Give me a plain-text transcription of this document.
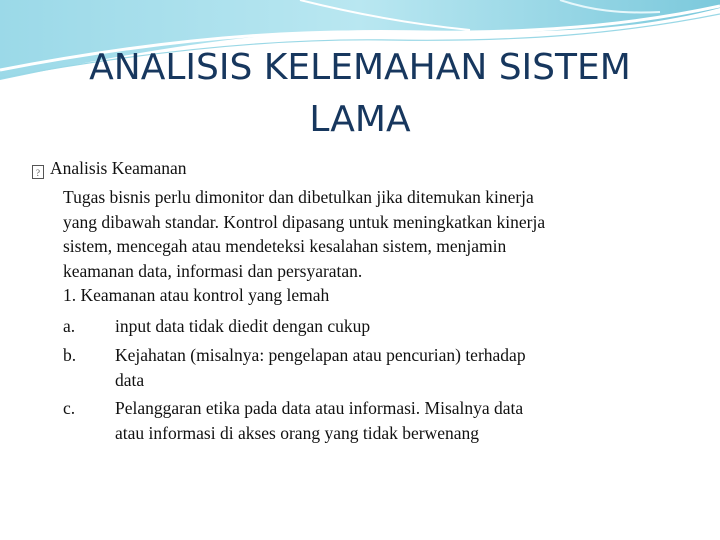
ANALISIS KELEMAHAN SISTEM
LAMA
? Analisis Keamanan
Tugas bisnis perlu dimonitor dan dibetulkan jika ditemukan kinerja
yang dibawah standar. Kontrol dipasang untuk meningkatkan kinerja
sistem, mencegah atau mendeteksi kesalahan sistem, menjamin
keamanan data, informasi dan persyaratan.
1. Keamanan atau kontrol yang lemah
a. input data tidak diedit dengan cukup
b. Kejahatan (misalnya: pengelapan atau pencurian) terhadap
data
c. Pelanggaran etika pada data atau informasi. Misalnya data
atau informasi di akses orang yang tidak berwenang
